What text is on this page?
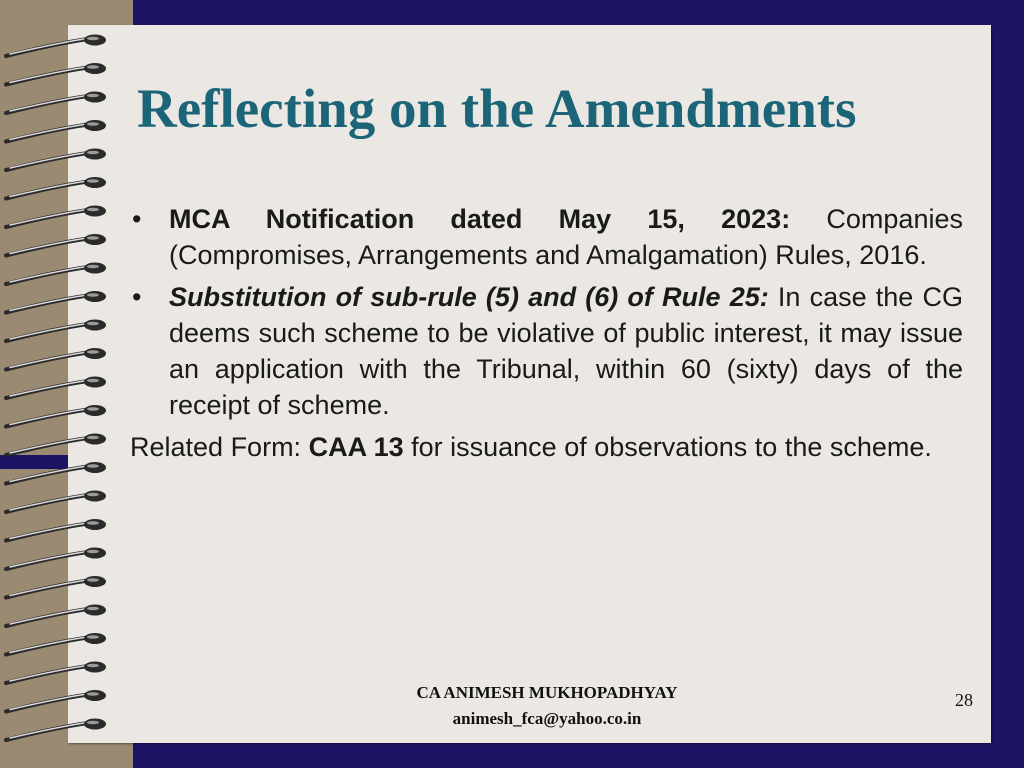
Reflecting on the Amendments
• MCA Notification dated May 15, 2023: Companies (Compromises, Arrangements and Amalgamation) Rules, 2016.
• Substitution of sub-rule (5) and (6) of Rule 25: In case the CG deems such scheme to be violative of public interest, it may issue an application with the Tribunal, within 60 (sixty) days of the receipt of scheme.
Related Form: CAA 13 for issuance of observations to the scheme.
CA ANIMESH MUKHOPADHYAY
animesh_fca@yahoo.co.in
28
